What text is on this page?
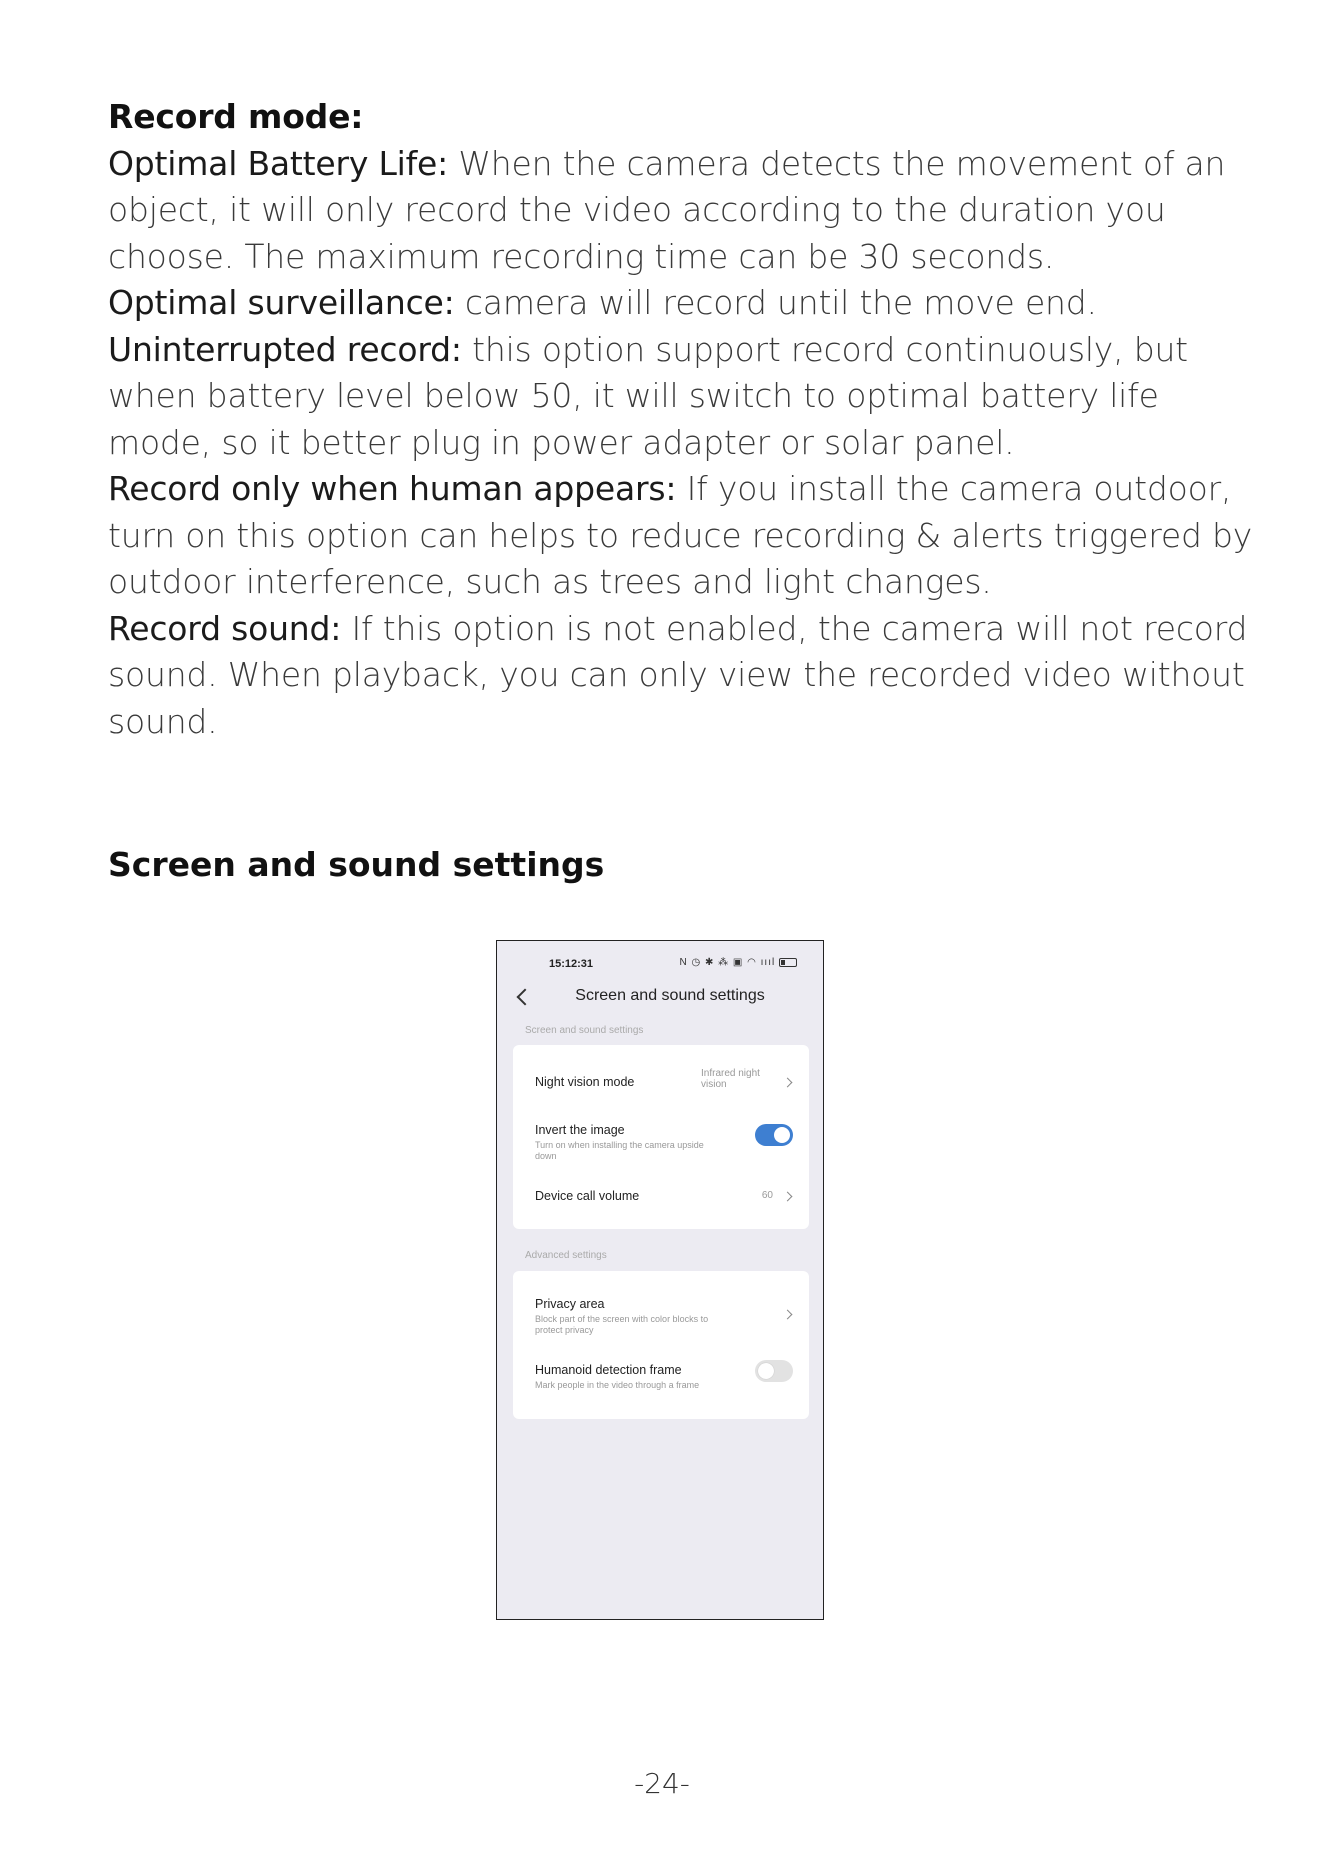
Record mode:

Optimal Battery Life: When the camera detects the movement of an object, it will only record the video according to the duration you choose. The maximum recording time can be 30 seconds.

Optimal surveillance: camera will record until the move end.

Uninterrupted record: this option support record continuously, but when battery level below 50, it will switch to optimal battery life mode, so it better plug in power adapter or solar panel.

Record only when human appears: If you install the camera outdoor, turn on this option can helps to reduce recording & alerts triggered by outdoor interference, such as trees and light changes.

Record sound: If this option is not enabled, the camera will not record sound. When playback, you can only view the recorded video without sound.

Screen and sound settings
15:12:31	N ◷ ✱ ⁂ ▣ ◠ ıııl
Screen and sound settings
Screen and sound settings
Night vision mode
Infrared night vision
Invert the image
Turn on when installing the camera upside down
Device call volume	60
Advanced settings
Privacy area
Block part of the screen with color blocks to protect privacy
Humanoid detection frame
Mark people in the video through a frame
-24-
